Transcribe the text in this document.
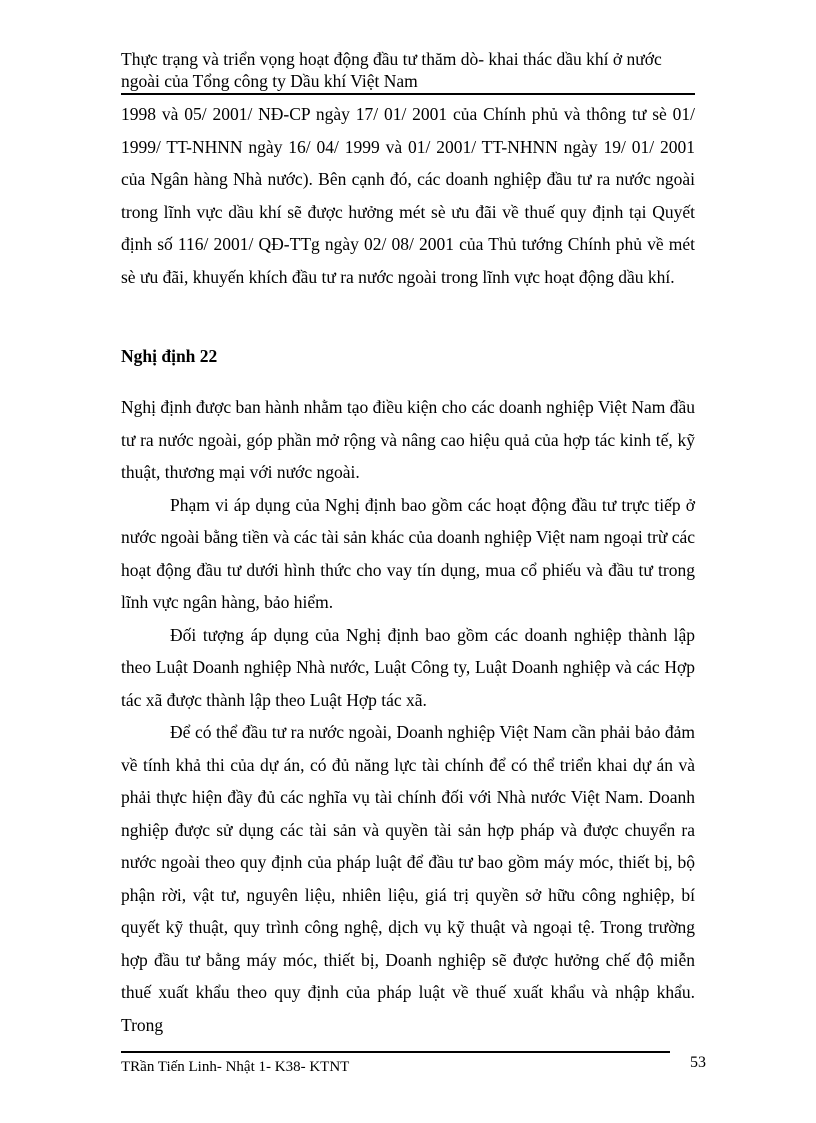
Thực trạng và triển vọng hoạt động đầu tư thăm dò- khai thác dầu khí ở nước ngoài của Tổng công ty Dầu khí Việt Nam

1998 và 05/ 2001/ NĐ-CP ngày 17/ 01/ 2001 của Chính phủ và thông tư sè 01/ 1999/ TT-NHNN ngày 16/ 04/ 1999 và 01/ 2001/ TT-NHNN ngày 19/ 01/ 2001 của Ngân hàng Nhà nước). Bên cạnh đó, các doanh nghiệp đầu tư ra nước ngoài trong lĩnh vực dầu khí sẽ được hưởng mét sè ưu đãi về thuế quy định tại Quyết định số 116/ 2001/ QĐ-TTg ngày 02/ 08/ 2001 của Thủ tướng Chính phủ về mét sè ưu đãi, khuyến khích đầu tư ra nước ngoài trong lĩnh vực hoạt động dầu khí.

Nghị định 22

Nghị định được ban hành nhằm tạo điều kiện cho các doanh nghiệp Việt Nam đầu tư ra nước ngoài, góp phần mở rộng và nâng cao hiệu quả của hợp tác kinh tế, kỹ thuật, thương mại với nước ngoài.

Phạm vi áp dụng của Nghị định bao gồm các hoạt động đầu tư trực tiếp ở nước ngoài bằng tiền và các tài sản khác của doanh nghiệp Việt nam ngoại trừ các hoạt động đầu tư dưới hình thức cho vay tín dụng, mua cổ phiếu và đầu tư trong lĩnh vực ngân hàng, bảo hiểm.

Đối tượng áp dụng của Nghị định bao gồm các doanh nghiệp thành lập theo Luật Doanh nghiệp Nhà nước, Luật Công ty, Luật Doanh nghiệp và các Hợp tác xã được thành lập theo Luật Hợp tác xã.

Để có thể đầu tư ra nước ngoài, Doanh nghiệp Việt Nam cần phải bảo đảm về tính khả thi của dự án, có đủ năng lực tài chính để có thể triển khai dự án và phải thực hiện đầy đủ các nghĩa vụ tài chính đối với Nhà nước Việt Nam. Doanh nghiệp được sử dụng các tài sản và quyền tài sản hợp pháp và được chuyển ra nước ngoài theo quy định của pháp luật để đầu tư bao gồm máy móc, thiết bị, bộ phận rời, vật tư, nguyên liệu, nhiên liệu, giá trị quyền sở hữu công nghiệp, bí quyết kỹ thuật, quy trình công nghệ, dịch vụ kỹ thuật và ngoại tệ. Trong trường hợp đầu tư bằng máy móc, thiết bị, Doanh nghiệp sẽ được hưởng chế độ miễn thuế xuất khẩu theo quy định của pháp luật về thuế xuất khẩu và nhập khẩu. Trong

TRần Tiến Linh- Nhật 1- K38- KTNT	53
